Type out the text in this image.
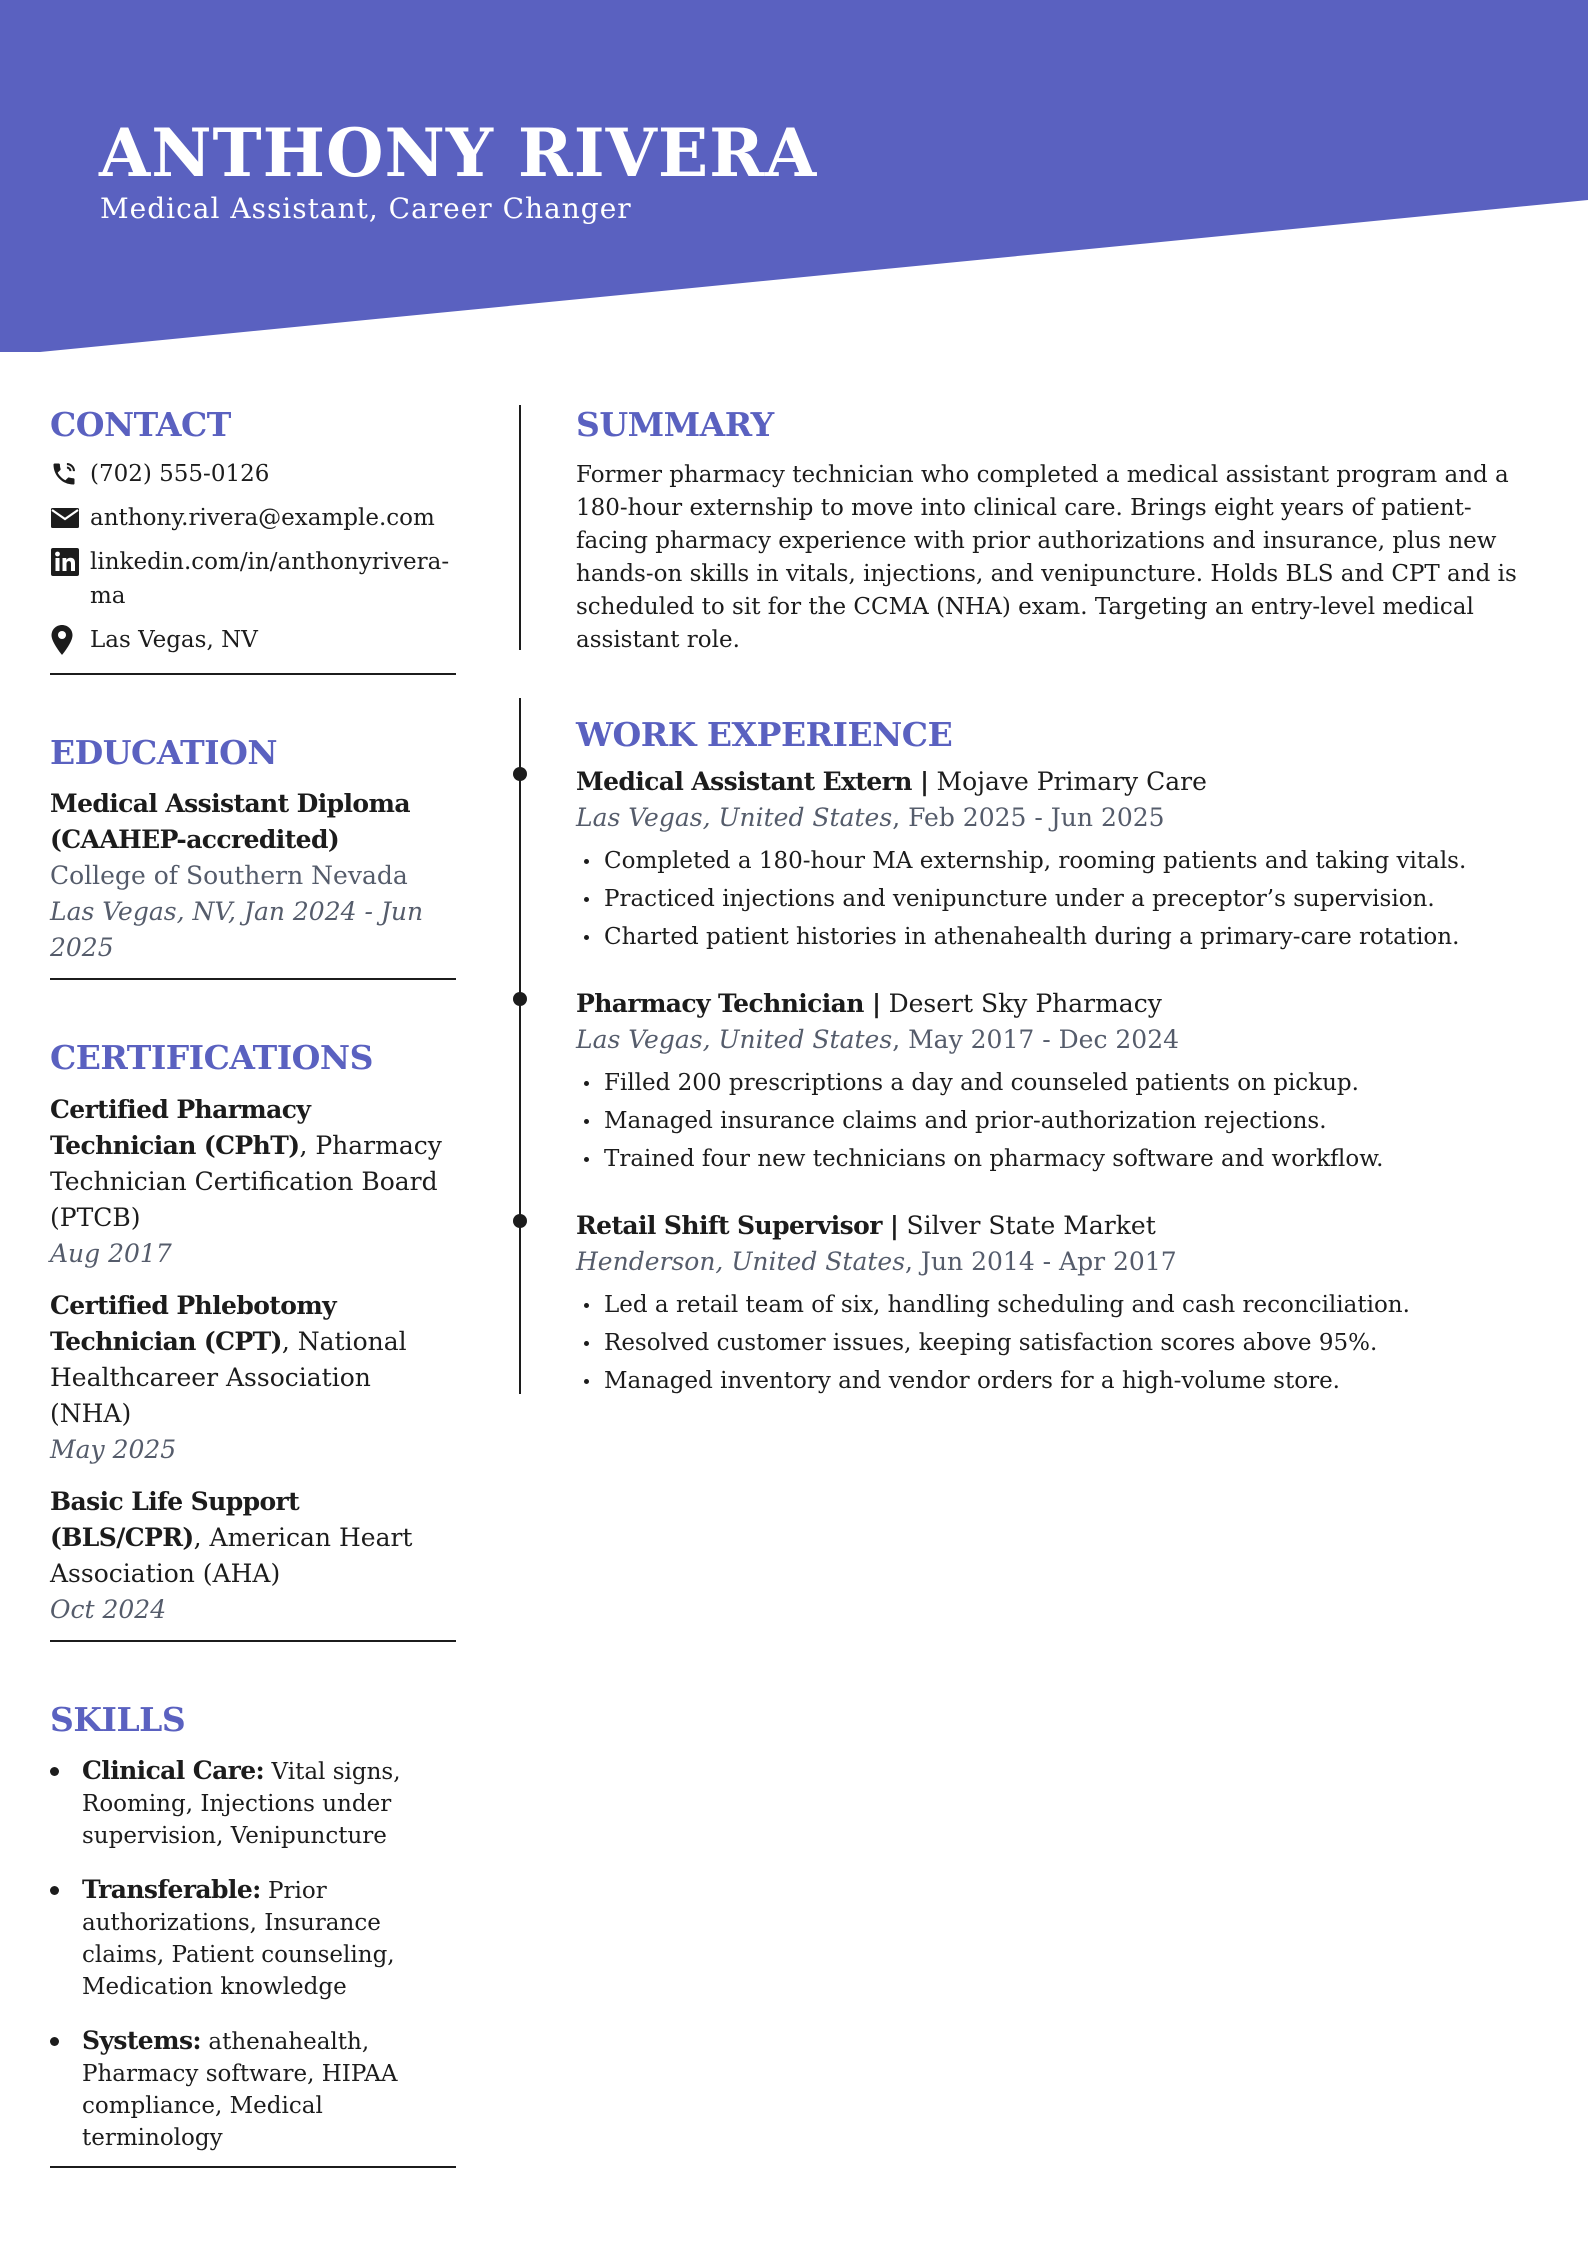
ANTHONY RIVERA
Medical Assistant, Career Changer
CONTACT
(702) 555-0126
anthony.rivera@example.com
linkedin.com/in/anthonyrivera-
ma
Las Vegas, NV
EDUCATION
Medical Assistant Diploma
(CAAHEP-accredited)
College of Southern Nevada
Las Vegas, NV, Jan 2024 - Jun 2025
CERTIFICATIONS
Certified Pharmacy Technician (CPhT), Pharmacy Technician Certification Board (PTCB)
Aug 2017
Certified Phlebotomy Technician (CPT), National Healthcareer Association (NHA)
May 2025
Basic Life Support (BLS/CPR), American Heart Association (AHA)
Oct 2024
SKILLS
Clinical Care: Vital signs, Rooming, Injections under supervision, Venipuncture
Transferable: Prior authorizations, Insurance claims, Patient counseling, Medication knowledge
Systems: athenahealth, Pharmacy software, HIPAA compliance, Medical terminology
SUMMARY

Former pharmacy technician who completed a medical assistant program and a 180-hour externship to move into clinical care. Brings eight years of patient-facing pharmacy experience with prior authorizations and insurance, plus new hands-on skills in vitals, injections, and venipuncture. Holds BLS and CPT and is scheduled to sit for the CCMA (NHA) exam. Targeting an entry-level medical assistant role.

WORK EXPERIENCE
Medical Assistant Extern | Mojave Primary Care
Las Vegas, United States, Feb 2025 - Jun 2025
Completed a 180-hour MA externship, rooming patients and taking vitals.
Practiced injections and venipuncture under a preceptor’s supervision.
Charted patient histories in athenahealth during a primary-care rotation.
Pharmacy Technician | Desert Sky Pharmacy
Las Vegas, United States, May 2017 - Dec 2024
Filled 200 prescriptions a day and counseled patients on pickup.
Managed insurance claims and prior-authorization rejections.
Trained four new technicians on pharmacy software and workflow.
Retail Shift Supervisor | Silver State Market
Henderson, United States, Jun 2014 - Apr 2017
Led a retail team of six, handling scheduling and cash reconciliation.
Resolved customer issues, keeping satisfaction scores above 95%.
Managed inventory and vendor orders for a high-volume store.
